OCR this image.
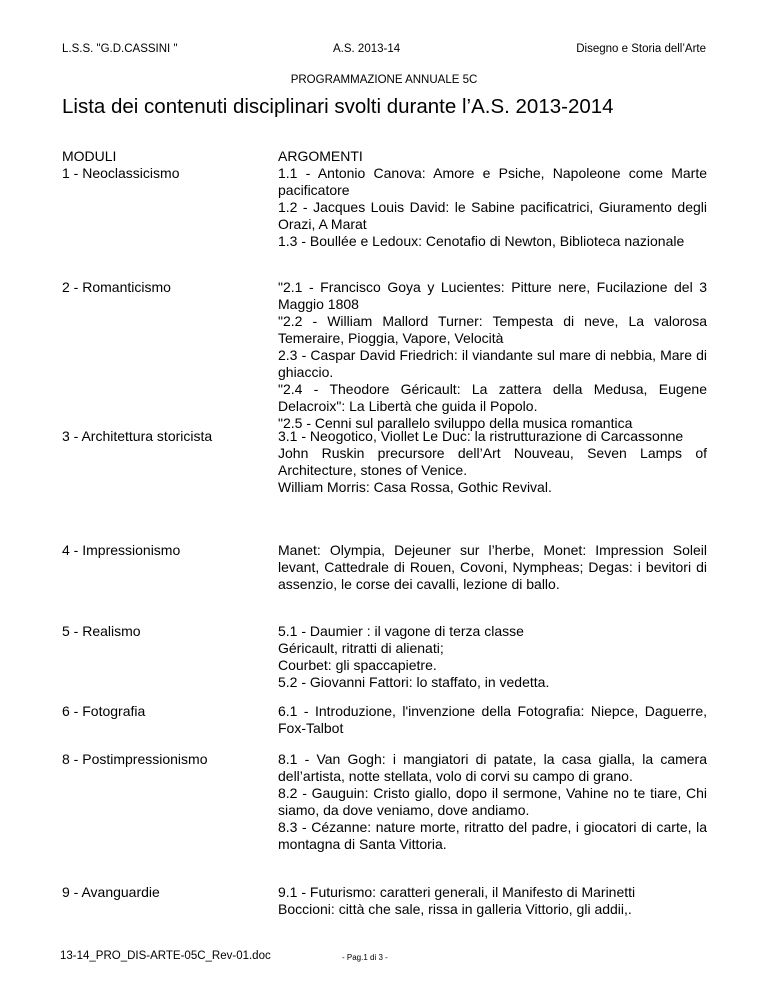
L.S.S. "G.D.CASSINI "	A.S. 2013-14	Disegno e Storia dell’Arte
PROGRAMMAZIONE ANNUALE 5C
Lista dei contenuti disciplinari svolti durante l’A.S. 2013-2014
MODULI	ARGOMENTI
1 - Neoclassicismo	1.1 - Antonio Canova: Amore e Psiche, Napoleone come Marte pacificatore
1.2 - Jacques Louis David: le Sabine pacificatrici, Giuramento degli Orazi, A Marat
1.3 - Boullée e Ledoux: Cenotafio di Newton, Biblioteca nazionale
2 - Romanticismo	"2.1 - Francisco Goya y Lucientes: Pitture nere, Fucilazione del 3 Maggio 1808
"2.2 - William Mallord Turner: Tempesta di neve, La valorosa Temeraire, Pioggia, Vapore, Velocità
2.3 - Caspar David Friedrich: il viandante sul mare di nebbia, Mare di ghiaccio.
"2.4 - Theodore Géricault: La zattera della Medusa, Eugene Delacroix": La Libertà che guida il Popolo.
"2.5 - Cenni sul parallelo sviluppo della musica romantica
3 - Architettura storicista	3.1 - Neogotico, Viollet Le Duc: la ristrutturazione di Carcassonne
John Ruskin precursore dell’Art Nouveau, Seven Lamps of Architecture, stones of Venice.
William Morris: Casa Rossa, Gothic Revival.
4 - Impressionismo	Manet: Olympia, Dejeuner sur l’herbe, Monet: Impression Soleil levant, Cattedrale di Rouen, Covoni, Nympheas; Degas: i bevitori di assenzio, le corse dei cavalli, lezione di ballo.
5 - Realismo	5.1 - Daumier : il vagone di terza classe
Géricault, ritratti di alienati;
Courbet: gli spaccapietre.
5.2 - Giovanni Fattori: lo staffato, in vedetta.
6 - Fotografia	6.1 - Introduzione, l'invenzione della Fotografia: Niepce, Daguerre, Fox-Talbot
8 - Postimpressionismo	8.1 - Van Gogh: i mangiatori di patate, la casa gialla, la camera dell’artista, notte stellata, volo di corvi su campo di grano.
8.2 - Gauguin: Cristo giallo, dopo il sermone, Vahine no te tiare, Chi siamo, da dove veniamo, dove andiamo.
8.3 - Cézanne: nature morte, ritratto del padre, i giocatori di carte, la montagna di Santa Vittoria.
9 - Avanguardie	9.1 - Futurismo: caratteri generali, il Manifesto di Marinetti
Boccioni: città che sale, rissa in galleria Vittorio, gli addii,.
13-14_PRO_DIS-ARTE-05C_Rev-01.doc	- Pag.1 di 3 -
